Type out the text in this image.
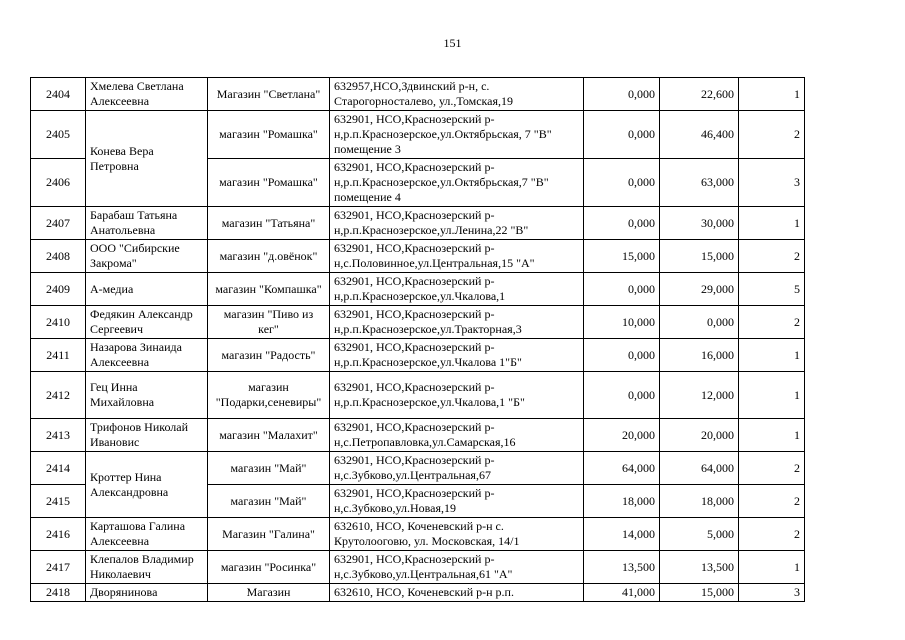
151
2404	Хмелева Светлана Алексеевна	Магазин "Светлана"	632957,НСО,Здвинский р-н, с. Старогорносталево, ул.,Томская,19	0,000	22,600	1
2405	Конева Вера Петровна	магазин "Ромашка"	632901, НСО,Краснозерский р-н,р.п.Краснозерское,ул.Октябрьская, 7 "В" помещение 3	0,000	46,400	2
2406		магазин "Ромашка"	632901, НСО,Краснозерский р-н,р.п.Краснозерское,ул.Октябрьская,7 "В" помещение 4	0,000	63,000	3
2407	Барабаш Татьяна Анатольевна	магазин "Татьяна"	632901, НСО,Краснозерский р-н,р.п.Краснозерское,ул.Ленина,22 "В"	0,000	30,000	1
2408	ООО "Сибирские Закрома"	магазин "д.овёнок"	632901, НСО,Краснозерский р-н,с.Половинное,ул.Центральная,15 "А"	15,000	15,000	2
2409	А-медиа	магазин "Компашка"	632901, НСО,Краснозерский р-н,р.п.Краснозерское,ул.Чкалова,1	0,000	29,000	5
2410	Федякин Александр Сергеевич	магазин "Пиво из кег"	632901, НСО,Краснозерский р-н,р.п.Краснозерское,ул.Тракторная,3	10,000	0,000	2
2411	Назарова Зинаида Алексеевна	магазин "Радость"	632901, НСО,Краснозерский р-н,р.п.Краснозерское,ул.Чкалова 1"Б"	0,000	16,000	1
2412	Гец Инна Михайловна	магазин "Подарки,сеневиры"	632901, НСО,Краснозерский р-н,р.п.Краснозерское,ул.Чкалова,1 "Б"	0,000	12,000	1
2413	Трифонов Николай Ивановис	магазин "Малахит"	632901, НСО,Краснозерский р-н,с.Петропавловка,ул.Самарская,16	20,000	20,000	1
2414	Кроттер Нина Александровна	магазин "Май"	632901, НСО,Краснозерский р-н,с.Зубково,ул.Центральная,67	64,000	64,000	2
2415		магазин "Май"	632901, НСО,Краснозерский р-н,с.Зубково,ул.Новая,19	18,000	18,000	2
2416	Карташова Галина Алексеевна	Магазин "Галина"	632610, НСО, Коченевский р-н с. Крутолооговю, ул. Московская, 14/1	14,000	5,000	2
2417	Клепалов Владимир Николаевич	магазин "Росинка"	632901, НСО,Краснозерский р-н,с.Зубково,ул.Центральная,61 "А"	13,500	13,500	1
2418	Дворянинова	Магазин	632610, НСО, Коченевский р-н р.п.	41,000	15,000	3
